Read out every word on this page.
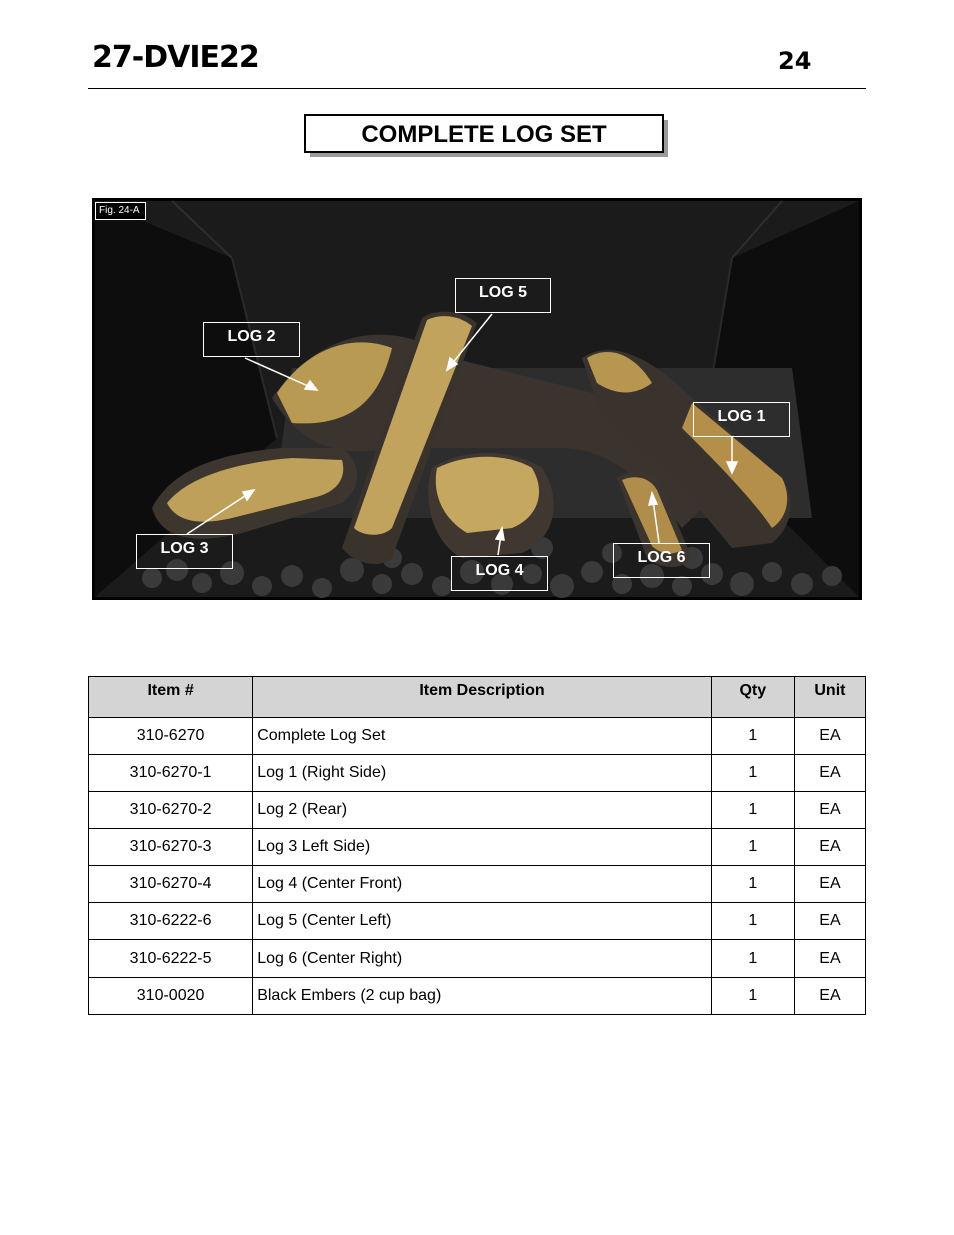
27-DVIE22	24
COMPLETE LOG SET
Fig. 24-A
LOG 5
LOG 2
LOG 1
LOG 3
LOG 4
LOG 6
Item #	Item Description	Qty	Unit
310-6270	Complete Log Set	1	EA
310-6270-1	Log 1 (Right Side)	1	EA
310-6270-2	Log 2 (Rear)	1	EA
310-6270-3	Log 3 Left Side)	1	EA
310-6270-4	Log 4 (Center Front)	1	EA
310-6222-6	Log 5 (Center Left)	1	EA
310-6222-5	Log 6 (Center Right)	1	EA
310-0020	Black Embers (2 cup bag)	1	EA
